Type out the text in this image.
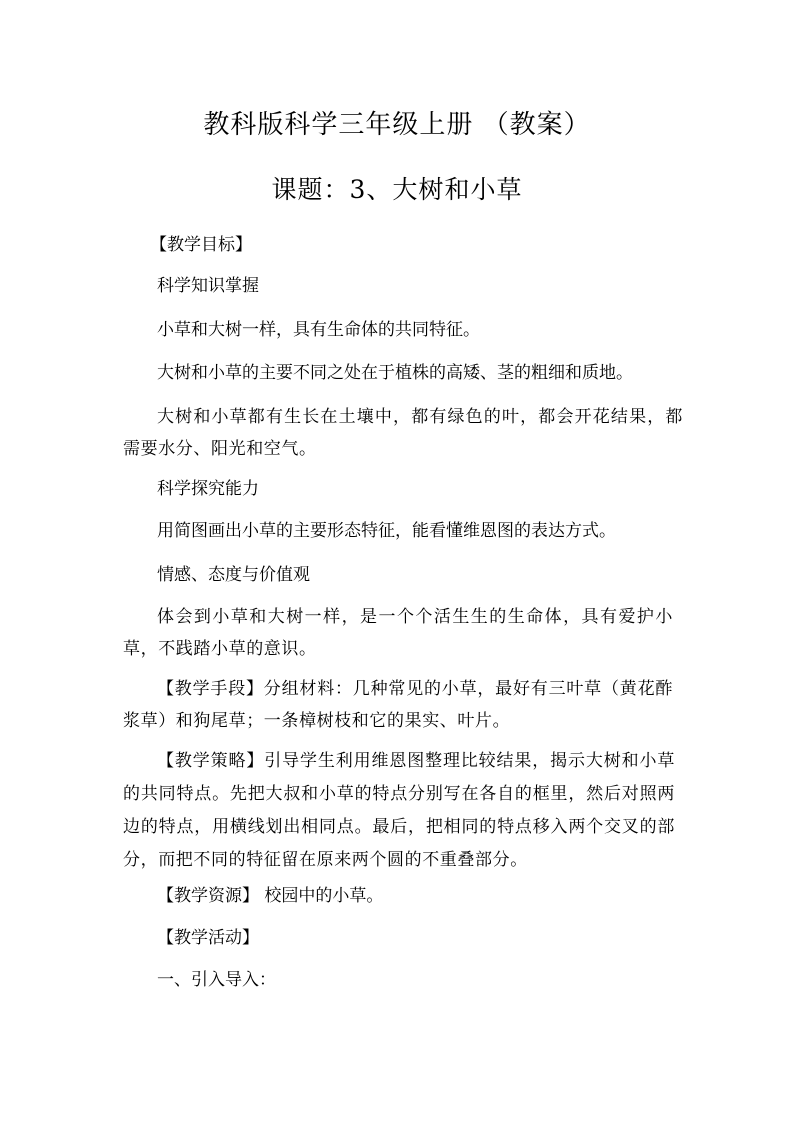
教科版科学三年级上册 （教案）
课题：3、大树和小草
【教学目标】
科学知识掌握
小草和大树一样，具有生命体的共同特征。
大树和小草的主要不同之处在于植株的高矮、茎的粗细和质地。
大树和小草都有生长在土壤中，都有绿色的叶，都会开花结果，都需要水分、阳光和空气。
科学探究能力
用简图画出小草的主要形态特征，能看懂维恩图的表达方式。
情感、态度与价值观
体会到小草和大树一样，是一个个活生生的生命体，具有爱护小草，不践踏小草的意识。
【教学手段】分组材料：几种常见的小草，最好有三叶草（黄花酢浆草）和狗尾草；一条樟树枝和它的果实、叶片。
【教学策略】引导学生利用维恩图整理比较结果，揭示大树和小草的共同特点。先把大叔和小草的特点分别写在各自的框里，然后对照两边的特点，用横线划出相同点。最后，把相同的特点移入两个交叉的部分，而把不同的特征留在原来两个圆的不重叠部分。
【教学资源】 校园中的小草。
【教学活动】
一、引入导入：
